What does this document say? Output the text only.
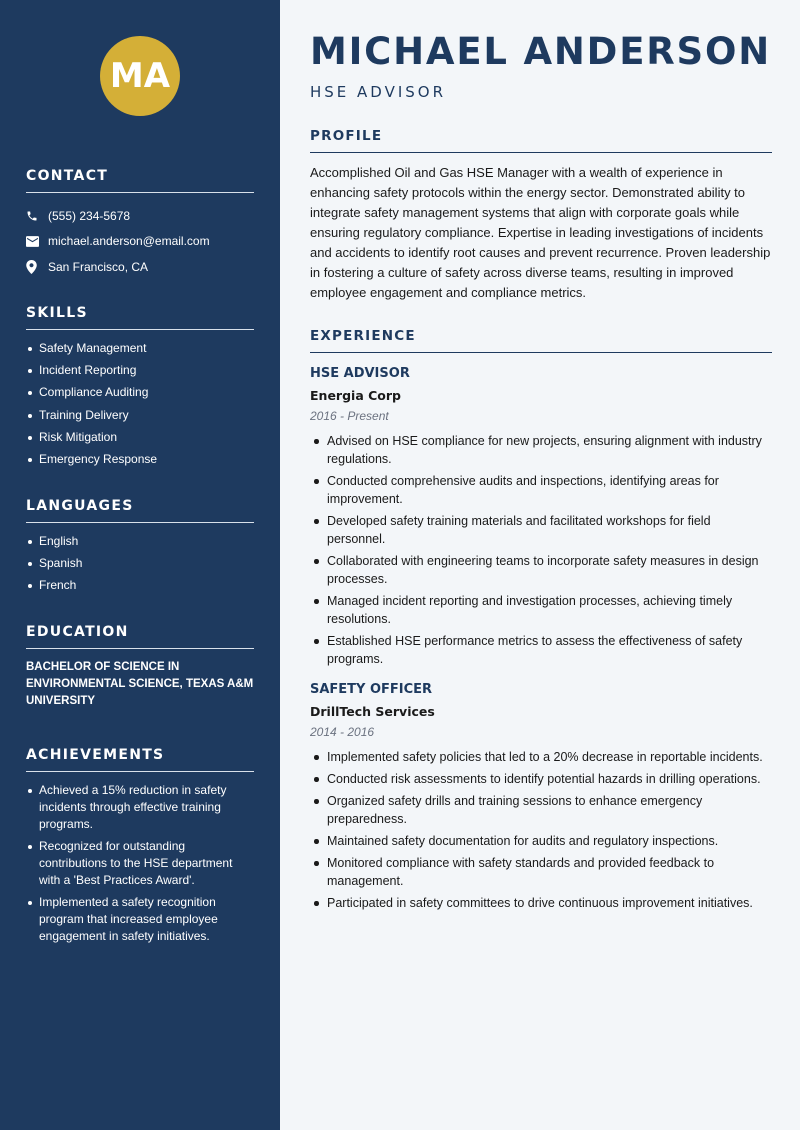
MA
CONTACT
(555) 234-5678
michael.anderson@email.com
San Francisco, CA
SKILLS
Safety Management
Incident Reporting
Compliance Auditing
Training Delivery
Risk Mitigation
Emergency Response
LANGUAGES
English
Spanish
French
EDUCATION

BACHELOR OF SCIENCE IN ENVIRONMENTAL SCIENCE, TEXAS A&M UNIVERSITY

ACHIEVEMENTS
Achieved a 15% reduction in safety incidents through effective training programs.
Recognized for outstanding contributions to the HSE department with a 'Best Practices Award'.
Implemented a safety recognition program that increased employee engagement in safety initiatives.
MICHAEL ANDERSON
HSE ADVISOR
PROFILE

Accomplished Oil and Gas HSE Manager with a wealth of experience in enhancing safety protocols within the energy sector. Demonstrated ability to integrate safety management systems that align with corporate goals while ensuring regulatory compliance. Expertise in leading investigations of incidents and accidents to identify root causes and prevent recurrence. Proven leadership in fostering a culture of safety across diverse teams, resulting in improved employee engagement and compliance metrics.

EXPERIENCE
HSE ADVISOR
Energia Corp
2016 - Present
Advised on HSE compliance for new projects, ensuring alignment with industry regulations.
Conducted comprehensive audits and inspections, identifying areas for improvement.
Developed safety training materials and facilitated workshops for field personnel.
Collaborated with engineering teams to incorporate safety measures in design processes.
Managed incident reporting and investigation processes, achieving timely resolutions.
Established HSE performance metrics to assess the effectiveness of safety programs.
SAFETY OFFICER
DrillTech Services
2014 - 2016
Implemented safety policies that led to a 20% decrease in reportable incidents.
Conducted risk assessments to identify potential hazards in drilling operations.
Organized safety drills and training sessions to enhance emergency preparedness.
Maintained safety documentation for audits and regulatory inspections.
Monitored compliance with safety standards and provided feedback to management.
Participated in safety committees to drive continuous improvement initiatives.
